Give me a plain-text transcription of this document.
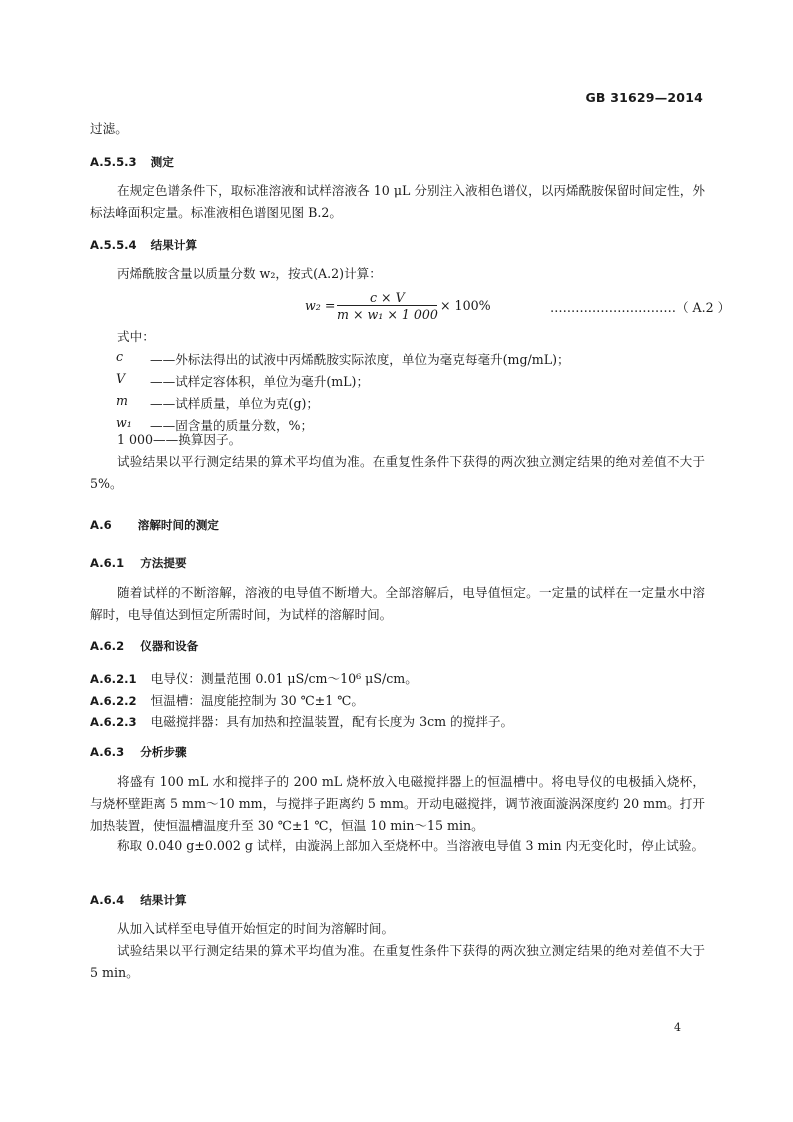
GB 31629—2014
过滤。
A.5.5.3 测定
在规定色谱条件下，取标准溶液和试样溶液各 10 μL 分别注入液相色谱仪，以丙烯酰胺保留时间定性，外标法峰面积定量。标准液相色谱图见图 B.2。
A.5.5.4 结果计算
丙烯酰胺含量以质量分数 w₂，按式(A.2)计算：
w₂ =
c × V
m × w₁ × 1 000
× 100%	…………………………（ A.2 ）
式中：
c ——外标法得出的试液中丙烯酰胺实际浓度，单位为毫克每毫升(mg/mL)；
V ——试样定容体积，单位为毫升(mL)；
m ——试样质量，单位为克(g)；
w₁ ——固含量的质量分数，%；
1 000——换算因子。
试验结果以平行测定结果的算术平均值为准。在重复性条件下获得的两次独立测定结果的绝对差值不大于 5%。
A.6 溶解时间的测定
A.6.1 方法提要
随着试样的不断溶解，溶液的电导值不断增大。全部溶解后，电导值恒定。一定量的试样在一定量水中溶解时，电导值达到恒定所需时间，为试样的溶解时间。
A.6.2 仪器和设备
A.6.2.1 电导仪：测量范围 0.01 μS/cm～10⁶ μS/cm。
A.6.2.2 恒温槽：温度能控制为 30 ℃±1 ℃。
A.6.2.3 电磁搅拌器：具有加热和控温装置，配有长度为 3cm 的搅拌子。
A.6.3 分析步骤
将盛有 100 mL 水和搅拌子的 200 mL 烧杯放入电磁搅拌器上的恒温槽中。将电导仪的电极插入烧杯，与烧杯壁距离 5 mm～10 mm，与搅拌子距离约 5 mm。开动电磁搅拌，调节液面漩涡深度约 20 mm。打开加热装置，使恒温槽温度升至 30 ℃±1 ℃，恒温 10 min～15 min。
称取 0.040 g±0.002 g 试样，由漩涡上部加入至烧杯中。当溶液电导值 3 min 内无变化时，停止试验。
A.6.4 结果计算
从加入试样至电导值开始恒定的时间为溶解时间。
试验结果以平行测定结果的算术平均值为准。在重复性条件下获得的两次独立测定结果的绝对差值不大于 5 min。
4
